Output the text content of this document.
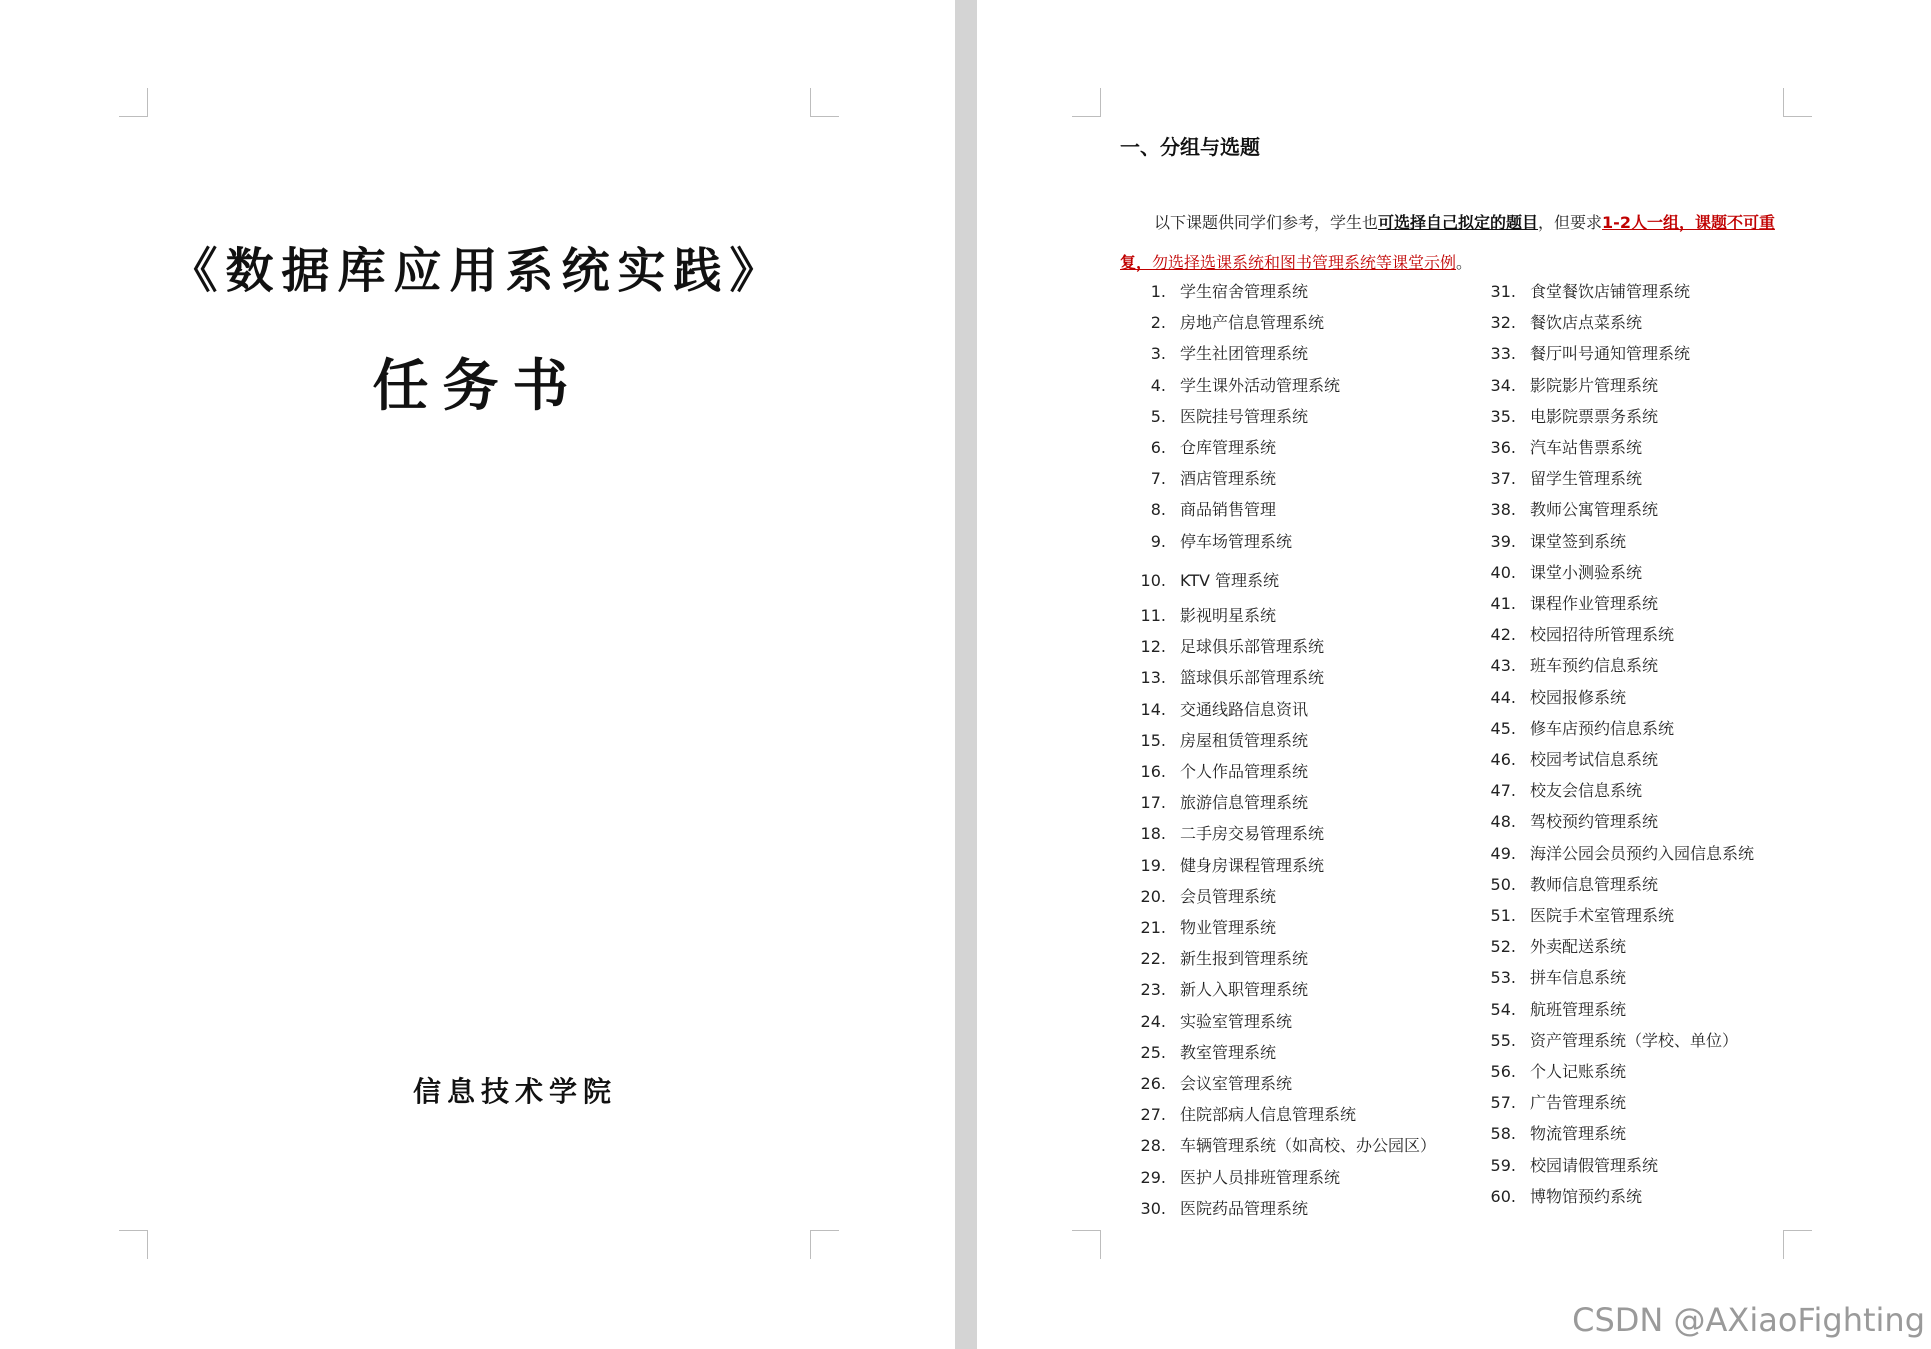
《数据库应用系统实践》
任务书
信息技术学院
一、分组与选题
以下课题供同学们参考，学生也可选择自己拟定的题目，但要求1-2人一组，课题不可重复，勿选择选课系统和图书管理系统等课堂示例。
1. 学生宿舍管理系统
2. 房地产信息管理系统
3. 学生社团管理系统
4. 学生课外活动管理系统
5. 医院挂号管理系统
6. 仓库管理系统
7. 酒店管理系统
8. 商品销售管理
9. 停车场管理系统
10. KTV 管理系统
11. 影视明星系统
12. 足球俱乐部管理系统
13. 篮球俱乐部管理系统
14. 交通线路信息资讯
15. 房屋租赁管理系统
16. 个人作品管理系统
17. 旅游信息管理系统
18. 二手房交易管理系统
19. 健身房课程管理系统
20. 会员管理系统
21. 物业管理系统
22. 新生报到管理系统
23. 新人入职管理系统
24. 实验室管理系统
25. 教室管理系统
26. 会议室管理系统
27. 住院部病人信息管理系统
28. 车辆管理系统（如高校、办公园区）
29. 医护人员排班管理系统
30. 医院药品管理系统
31. 食堂餐饮店铺管理系统
32. 餐饮店点菜系统
33. 餐厅叫号通知管理系统
34. 影院影片管理系统
35. 电影院票票务系统
36. 汽车站售票系统
37. 留学生管理系统
38. 教师公寓管理系统
39. 课堂签到系统
40. 课堂小测验系统
41. 课程作业管理系统
42. 校园招待所管理系统
43. 班车预约信息系统
44. 校园报修系统
45. 修车店预约信息系统
46. 校园考试信息系统
47. 校友会信息系统
48. 驾校预约管理系统
49. 海洋公园会员预约入园信息系统
50. 教师信息管理系统
51. 医院手术室管理系统
52. 外卖配送系统
53. 拼车信息系统
54. 航班管理系统
55. 资产管理系统（学校、单位）
56. 个人记账系统
57. 广告管理系统
58. 物流管理系统
59. 校园请假管理系统
60. 博物馆预约系统
CSDN @AXiaoFighting
